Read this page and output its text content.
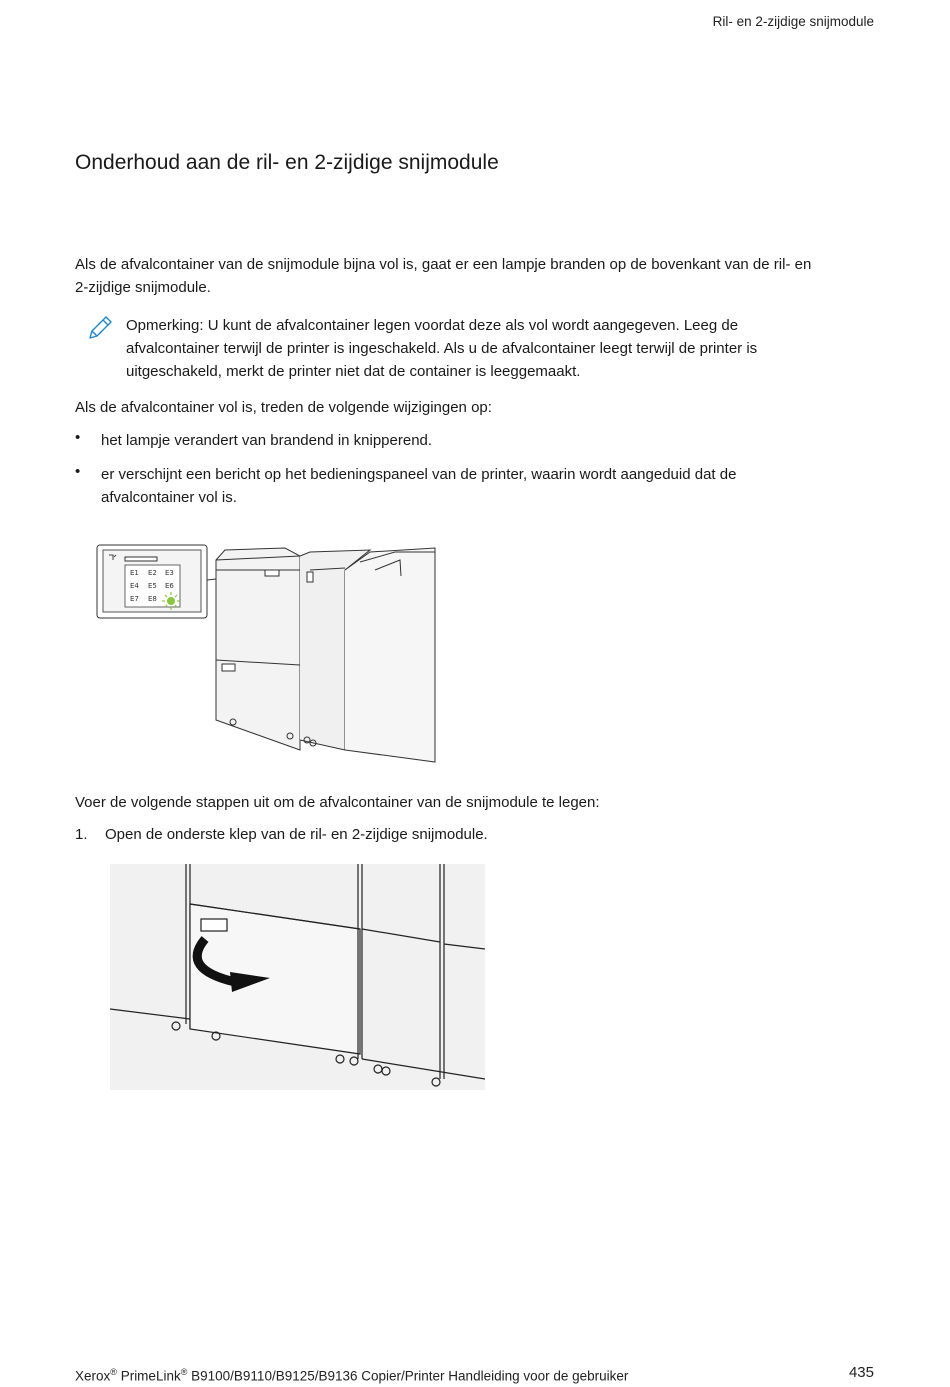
Ril- en 2-zijdige snijmodule
Onderhoud aan de ril- en 2-zijdige snijmodule
Als de afvalcontainer van de snijmodule bijna vol is, gaat er een lampje branden op de bovenkant van de ril- en
2-zijdige snijmodule.
Opmerking: U kunt de afvalcontainer legen voordat deze als vol wordt aangegeven. Leeg de
afvalcontainer terwijl de printer is ingeschakeld. Als u de afvalcontainer leegt terwijl de printer is
uitgeschakeld, merkt de printer niet dat de container is leeggemaakt.
Als de afvalcontainer vol is, treden de volgende wijzigingen op:
• het lampje verandert van brandend in knipperend.
• er verschijnt een bericht op het bedieningspaneel van de printer, waarin wordt aangeduid dat de
afvalcontainer vol is.
E1 E2 E3
E4 E5 E6
E7 E8
Voer de volgende stappen uit om de afvalcontainer van de snijmodule te legen:
1. Open de onderste klep van de ril- en 2-zijdige snijmodule.
Xerox® PrimeLink® B9100/B9110/B9125/B9136 Copier/Printer Handleiding voor de gebruiker	435
